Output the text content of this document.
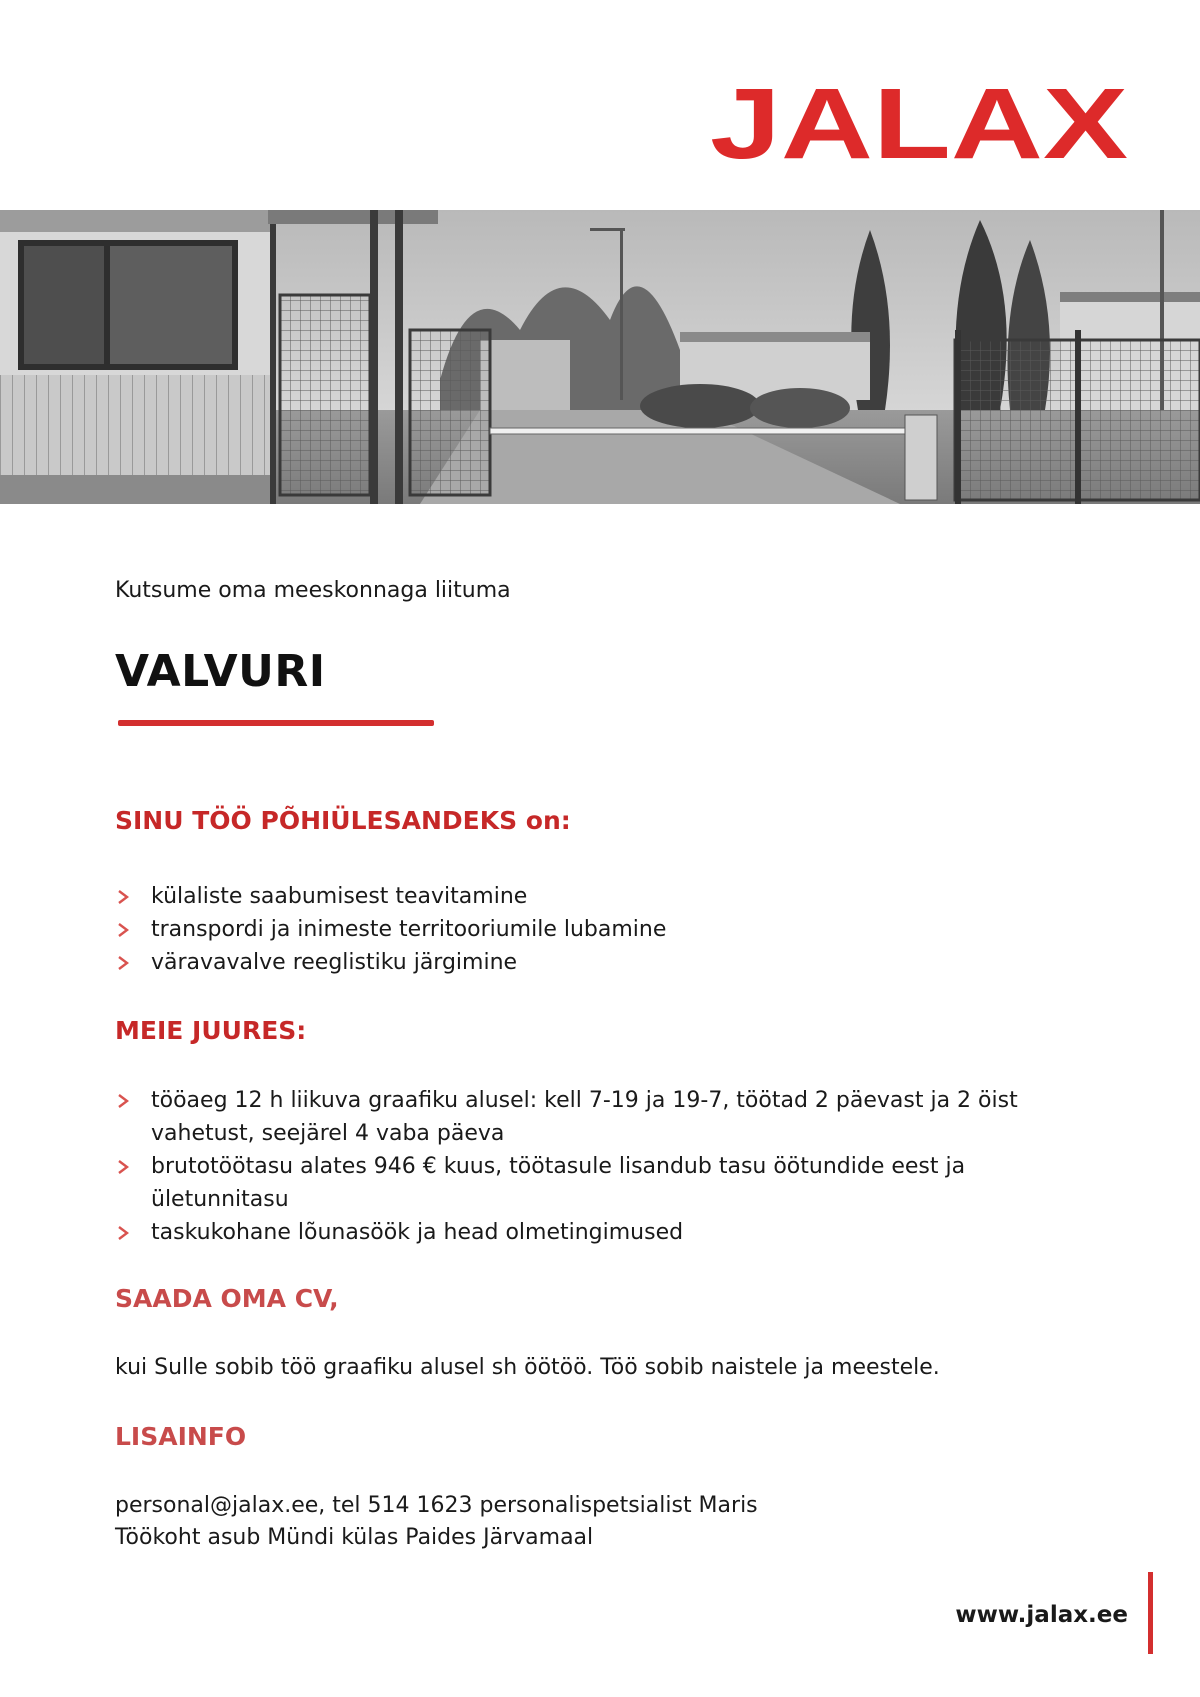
JALAX
Kutsume oma meeskonnaga liituma
VALVURI
SINU TÖÖ PÕHIÜLESANDEKS on:
külaliste saabumisest teavitamine
transpordi ja inimeste territooriumile lubamine
väravavalve reeglistiku järgimine
MEIE JUURES:
tööaeg 12 h liikuva graafiku alusel: kell 7-19 ja 19-7, töötad 2 päevast ja 2 öist vahetust, seejärel 4 vaba päeva
brutotöötasu alates 946 € kuus, töötasule lisandub tasu öötundide eest ja ületunnitasu
taskukohane lõunasöök ja head olmetingimused
SAADA OMA CV,
kui Sulle sobib töö graafiku alusel sh öötöö. Töö sobib naistele ja meestele.
LISAINFO
personal@jalax.ee, tel 514 1623 personalispetsialist Maris
Töökoht asub Mündi külas Paides Järvamaal
www.jalax.ee
